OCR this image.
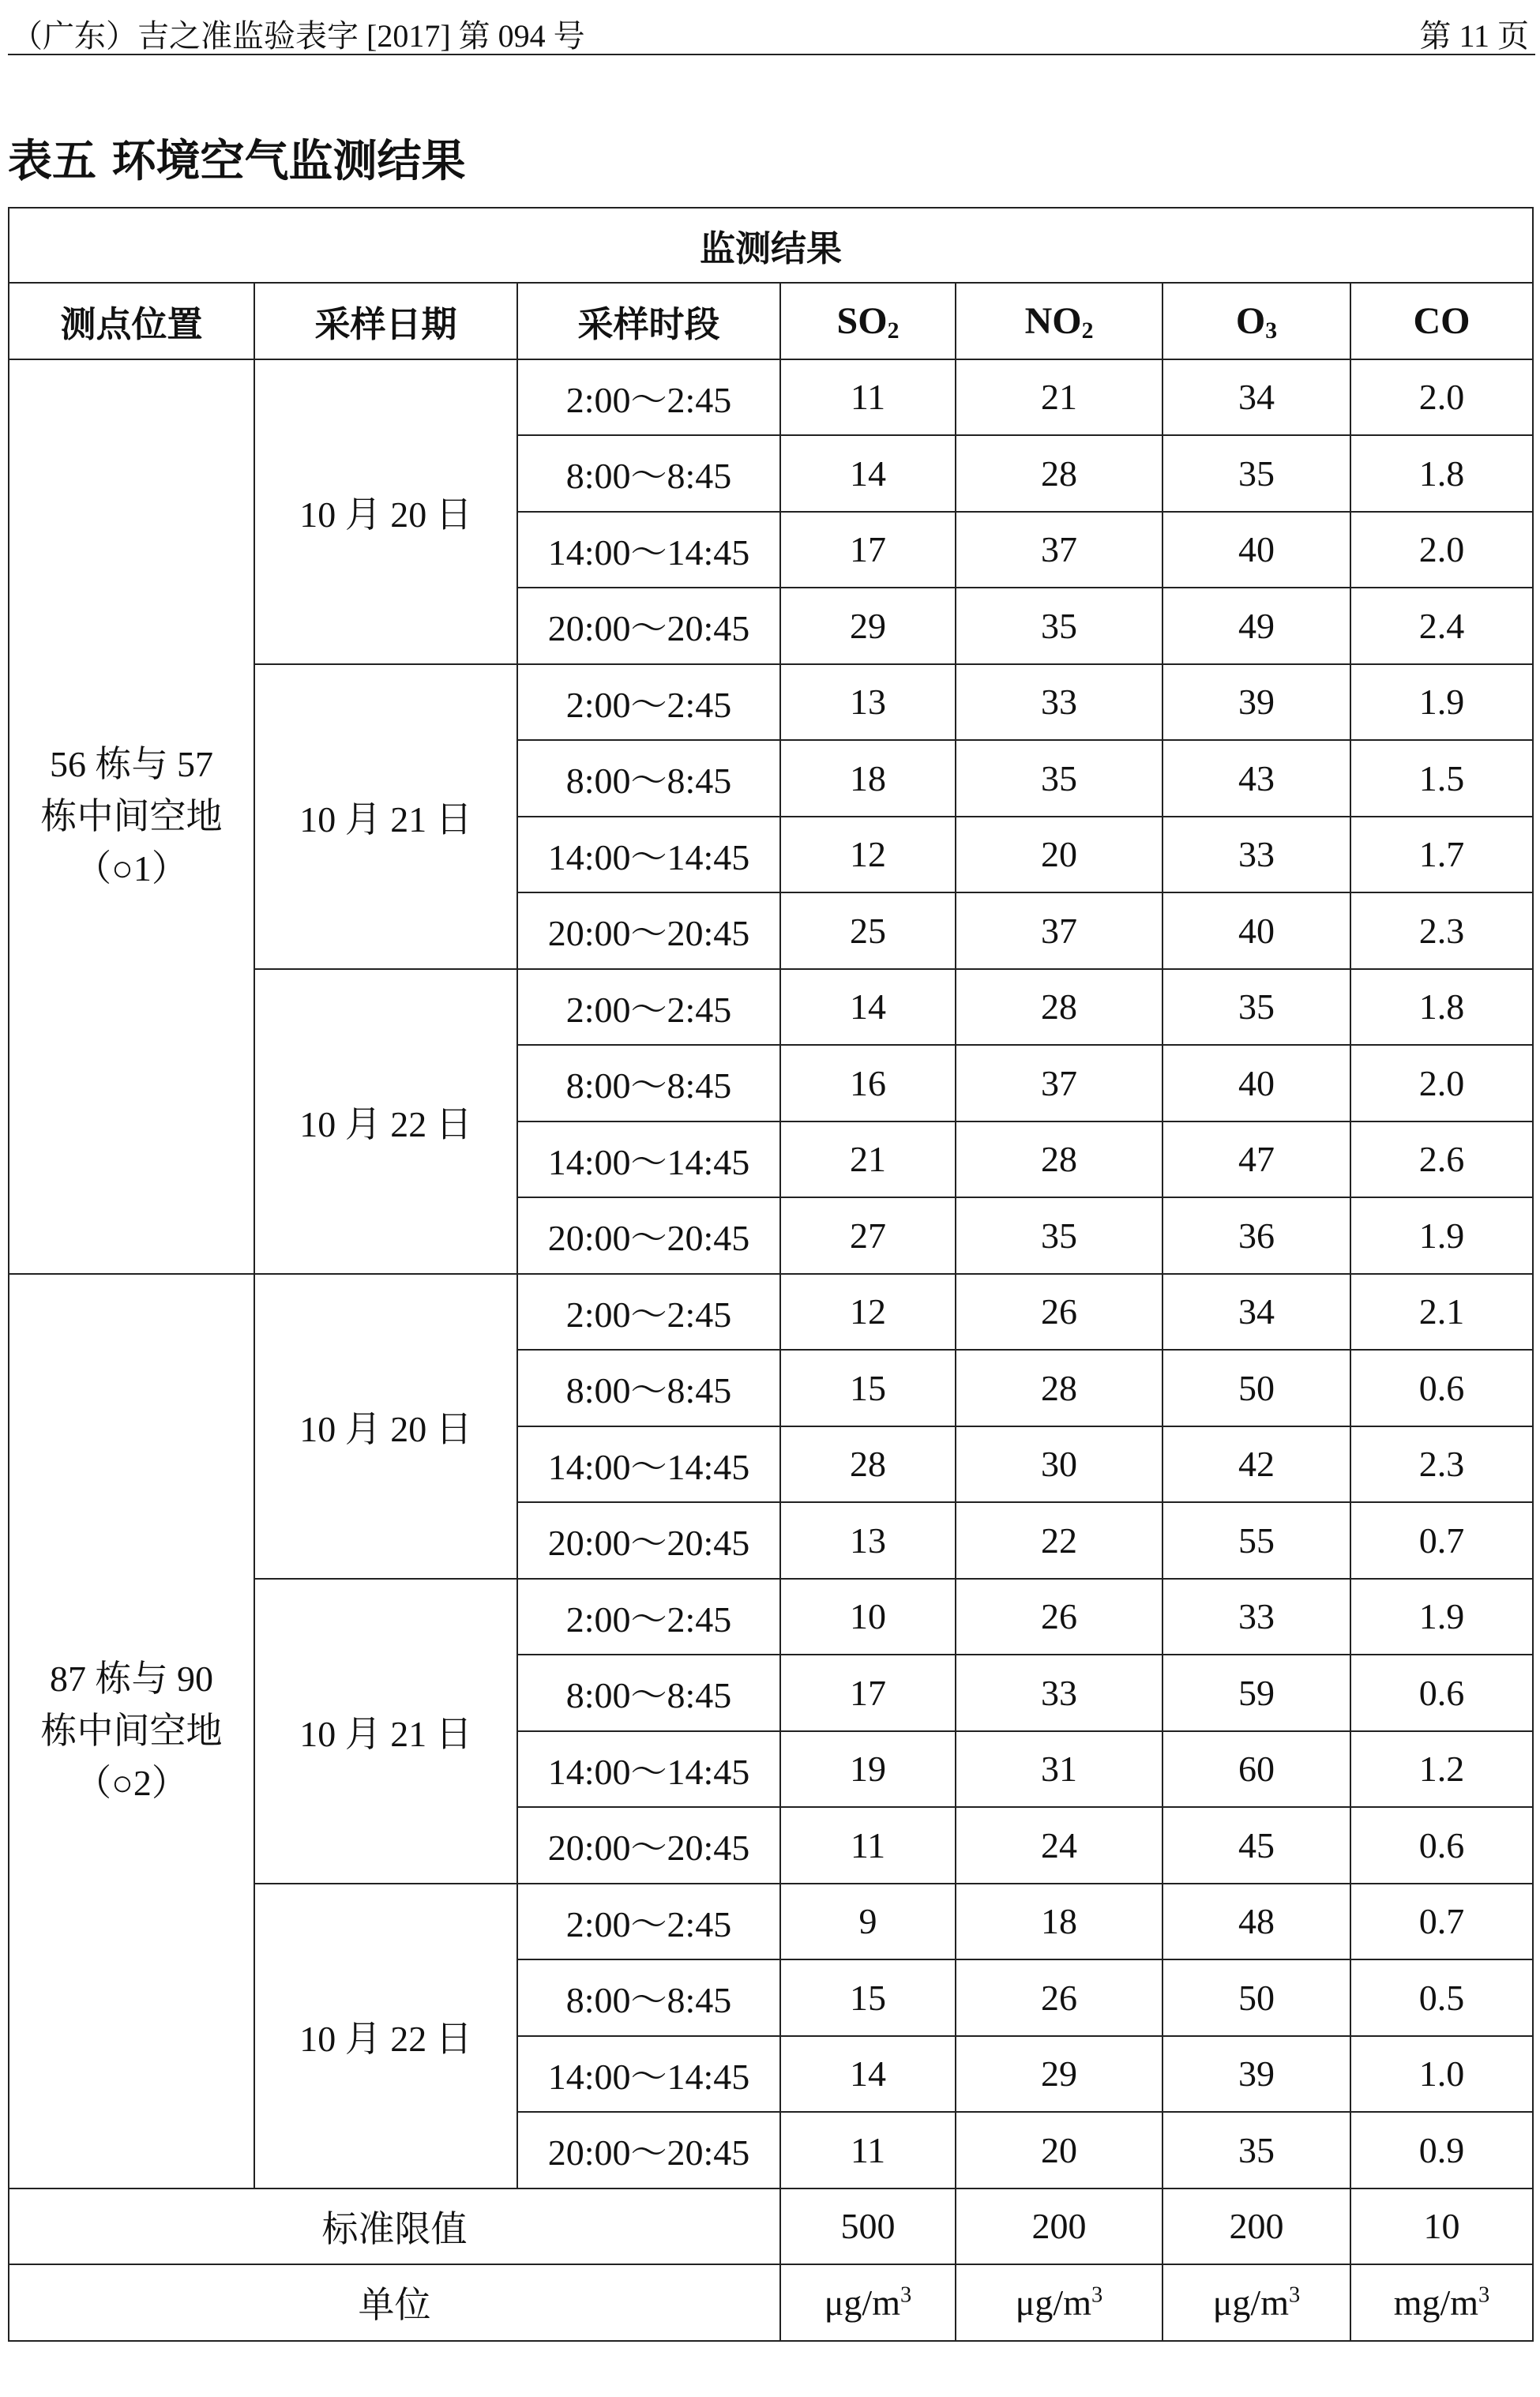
（广东）吉之准监验表字 [2017] 第 094 号	第 11 页
表五 环境空气监测结果
监测结果						
测点位置	采样日期	采样时段	$SO_2$	$NO_2$	$O_3$	CO

56 栋与 57
栋中间空地
（○1）	10 月 20 日	2:00～2:45	11	21	34	2.0
		8:00～8:45	14	28	35	1.8
		14:00～14:45	17	37	40	2.0
		20:00～20:45	29	35	49	2.4
	10 月 21 日	2:00～2:45	13	33	39	1.9
		8:00～8:45	18	35	43	1.5
		14:00～14:45	12	20	33	1.7
		20:00～20:45	25	37	40	2.3
	10 月 22 日	2:00～2:45	14	28	35	1.8
		8:00～8:45	16	37	40	2.0
		14:00～14:45	21	28	47	2.6
		20:00～20:45	27	35	36	1.9

87 栋与 90
栋中间空地
（○2）	10 月 20 日	2:00～2:45	12	26	34	2.1
		8:00～8:45	15	28	50	0.6
		14:00～14:45	28	30	42	2.3
		20:00～20:45	13	22	55	0.7
	10 月 21 日	2:00～2:45	10	26	33	1.9
		8:00～8:45	17	33	59	0.6
		14:00～14:45	19	31	60	1.2
		20:00～20:45	11	24	45	0.6
	10 月 22 日	2:00～2:45	9	18	48	0.7
		8:00～8:45	15	26	50	0.5
		14:00～14:45	14	29	39	1.0
		20:00～20:45	11	20	35	0.9
标准限值			500	200	200	10
单位			$\mu g/m^3$	$\mu g/m^3$	$\mu g/m^3$	$mg/m^3$
